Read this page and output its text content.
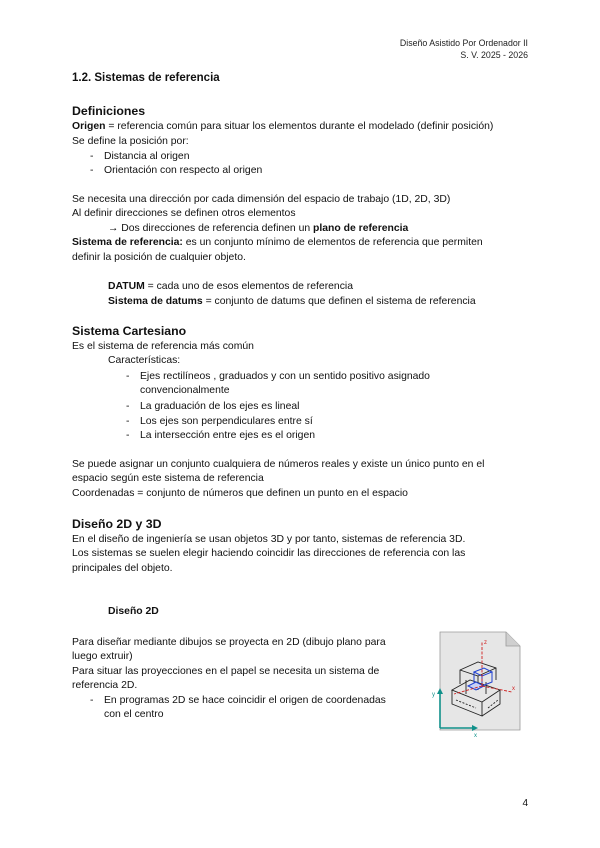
Diseño Asistido Por Ordenador II
S. V. 2025 - 2026
1.2. Sistemas de referencia
Definiciones
Origen = referencia común para situar los elementos durante el modelado (definir posición)
Se define la posición por:
- Distancia al origen
- Orientación con respecto al origen
Se necesita una dirección por cada dimensión del espacio de trabajo (1D, 2D, 3D)
Al definir direcciones se definen otros elementos
→ Dos direcciones de referencia definen un plano de referencia
Sistema de referencia: es un conjunto mínimo de elementos de referencia que permiten
definir la posición de cualquier objeto.
DATUM = cada uno de esos elementos de referencia
Sistema de datums = conjunto de datums que definen el sistema de referencia
Sistema Cartesiano
Es el sistema de referencia más común
Características:
- Ejes rectilíneos , graduados y con un sentido positivo asignado
convencionalmente
- La graduación de los ejes es lineal
- Los ejes son perpendiculares entre sí
- La intersección entre ejes es el origen
Se puede asignar un conjunto cualquiera de números reales y existe un único punto en el
espacio según este sistema de referencia
Coordenadas = conjunto de números que definen un punto en el espacio
Diseño 2D y 3D
En el diseño de ingeniería se usan objetos 3D y por tanto, sistemas de referencia 3D.
Los sistemas se suelen elegir haciendo coincidir las direcciones de referencia con las
principales del objeto.
Diseño 2D
Para diseñar mediante dibujos se proyecta en 2D (dibujo plano para
luego extruir)
Para situar las proyecciones en el papel se necesita un sistema de
referencia 2D.
- En programas 2D se hace coincidir el origen de coordenadas
con el centro
z
x
y
x
4
